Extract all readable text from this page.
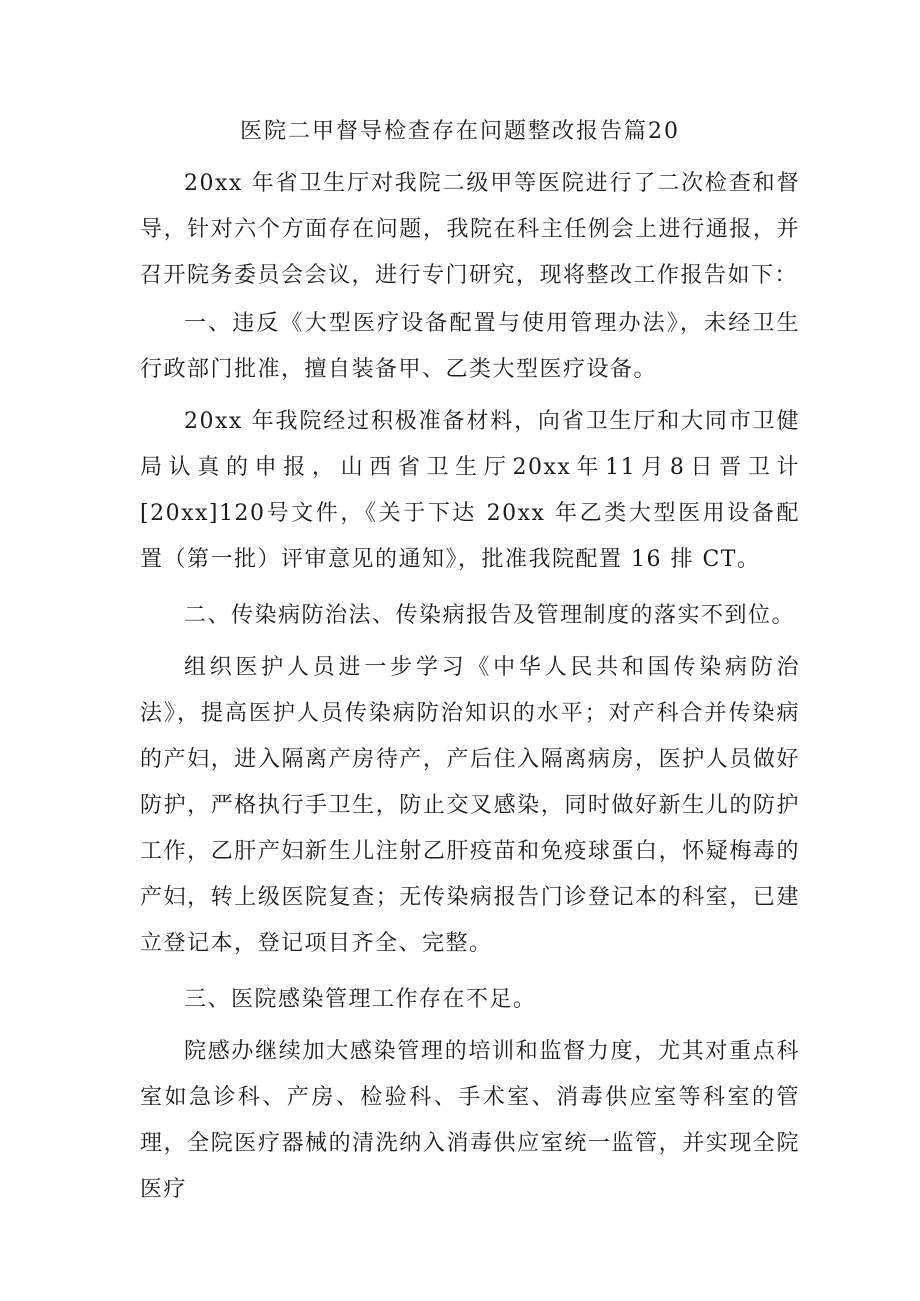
医院二甲督导检查存在问题整改报告篇20

20xx 年省卫生厅对我院二级甲等医院进行了二次检查和督导，针对六个方面存在问题，我院在科主任例会上进行通报，并召开院务委员会会议，进行专门研究，现将整改工作报告如下：

一、违反《大型医疗设备配置与使用管理办法》，未经卫生行政部门批准，擅自装备甲、乙类大型医疗设备。

20xx 年我院经过积极准备材料，向省卫生厅和大同市卫健局认真的申报，山西省卫生厅20xx年11月8日晋卫计[20xx]120号文件，《关于下达 20xx 年乙类大型医用设备配置（第一批）评审意见的通知》，批准我院配置 16 排 CT。

二、传染病防治法、传染病报告及管理制度的落实不到位。

组织医护人员进一步学习《中华人民共和国传染病防治法》，提高医护人员传染病防治知识的水平；对产科合并传染病的产妇，进入隔离产房待产，产后住入隔离病房，医护人员做好防护，严格执行手卫生，防止交叉感染，同时做好新生儿的防护工作，乙肝产妇新生儿注射乙肝疫苗和免疫球蛋白，怀疑梅毒的产妇，转上级医院复查；无传染病报告门诊登记本的科室，已建立登记本，登记项目齐全、完整。

三、医院感染管理工作存在不足。

院感办继续加大感染管理的培训和监督力度，尤其对重点科室如急诊科、产房、检验科、手术室、消毒供应室等科室的管理，全院医疗器械的清洗纳入消毒供应室统一监管，并实现全院医疗
